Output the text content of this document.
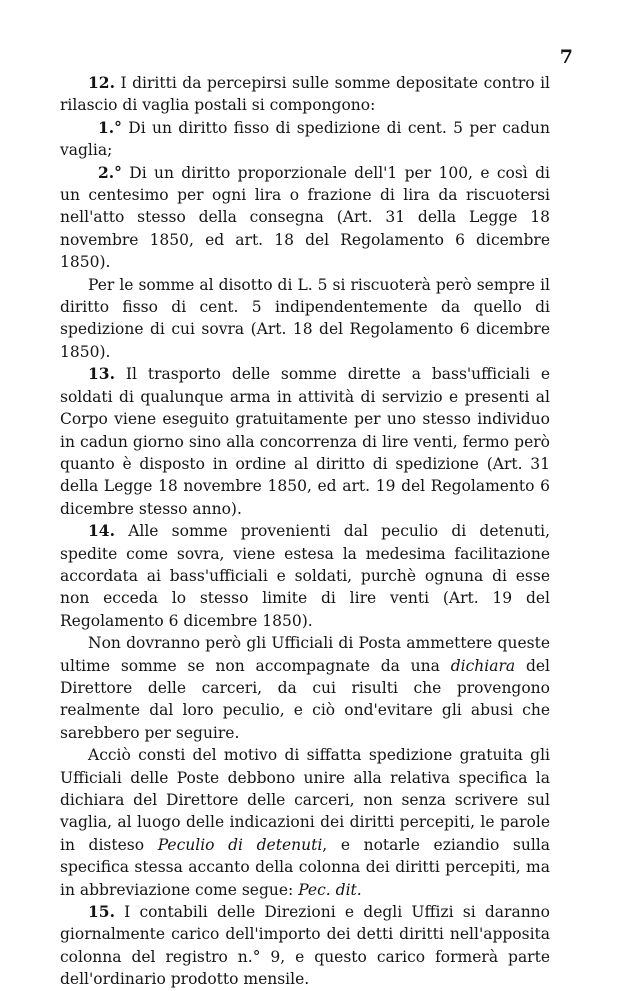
7

12. I diritti da percepirsi sulle somme depositate contro il rilascio di vaglia postali si compongono:

1.° Di un diritto fisso di spedizione di cent. 5 per cadun vaglia;

2.° Di un diritto proporzionale dell'1 per 100, e così di un centesimo per ogni lira o frazione di lira da riscuotersi nell'atto stesso della consegna (Art. 31 della Legge 18 novembre 1850, ed art. 18 del Regolamento 6 dicembre 1850).

Per le somme al disotto di L. 5 si riscuoterà però sempre il diritto fisso di cent. 5 indipendentemente da quello di spedizione di cui sovra (Art. 18 del Regolamento 6 dicembre 1850).

13. Il trasporto delle somme dirette a bass'ufficiali e soldati di qualunque arma in attività di servizio e presenti al Corpo viene eseguito gratuitamente per uno stesso individuo in cadun giorno sino alla concorrenza di lire venti, fermo però quanto è disposto in ordine al diritto di spedizione (Art. 31 della Legge 18 novembre 1850, ed art. 19 del Regolamento 6 dicembre stesso anno).

14. Alle somme provenienti dal peculio di detenuti, spedite come sovra, viene estesa la medesima facilitazione accordata ai bass'ufficiali e soldati, purchè ognuna di esse non ecceda lo stesso limite di lire venti (Art. 19 del Regolamento 6 dicembre 1850).

Non dovranno però gli Ufficiali di Posta ammettere queste ultime somme se non accompagnate da una dichiara del Direttore delle carceri, da cui risulti che provengono realmente dal loro peculio, e ciò ond'evitare gli abusi che sarebbero per seguire.

Acciò consti del motivo di siffatta spedizione gratuita gli Ufficiali delle Poste debbono unire alla relativa specifica la dichiara del Direttore delle carceri, non senza scrivere sul vaglia, al luogo delle indicazioni dei diritti percepiti, le parole in disteso Peculio di detenuti, e notarle eziandio sulla specifica stessa accanto della colonna dei diritti percepiti, ma in abbreviazione come segue: Pec. dit.

15. I contabili delle Direzioni e degli Uffizi si daranno giornalmente carico dell'importo dei detti diritti nell'apposita colonna del registro n.° 9, e questo carico formerà parte dell'ordinario prodotto mensile.
